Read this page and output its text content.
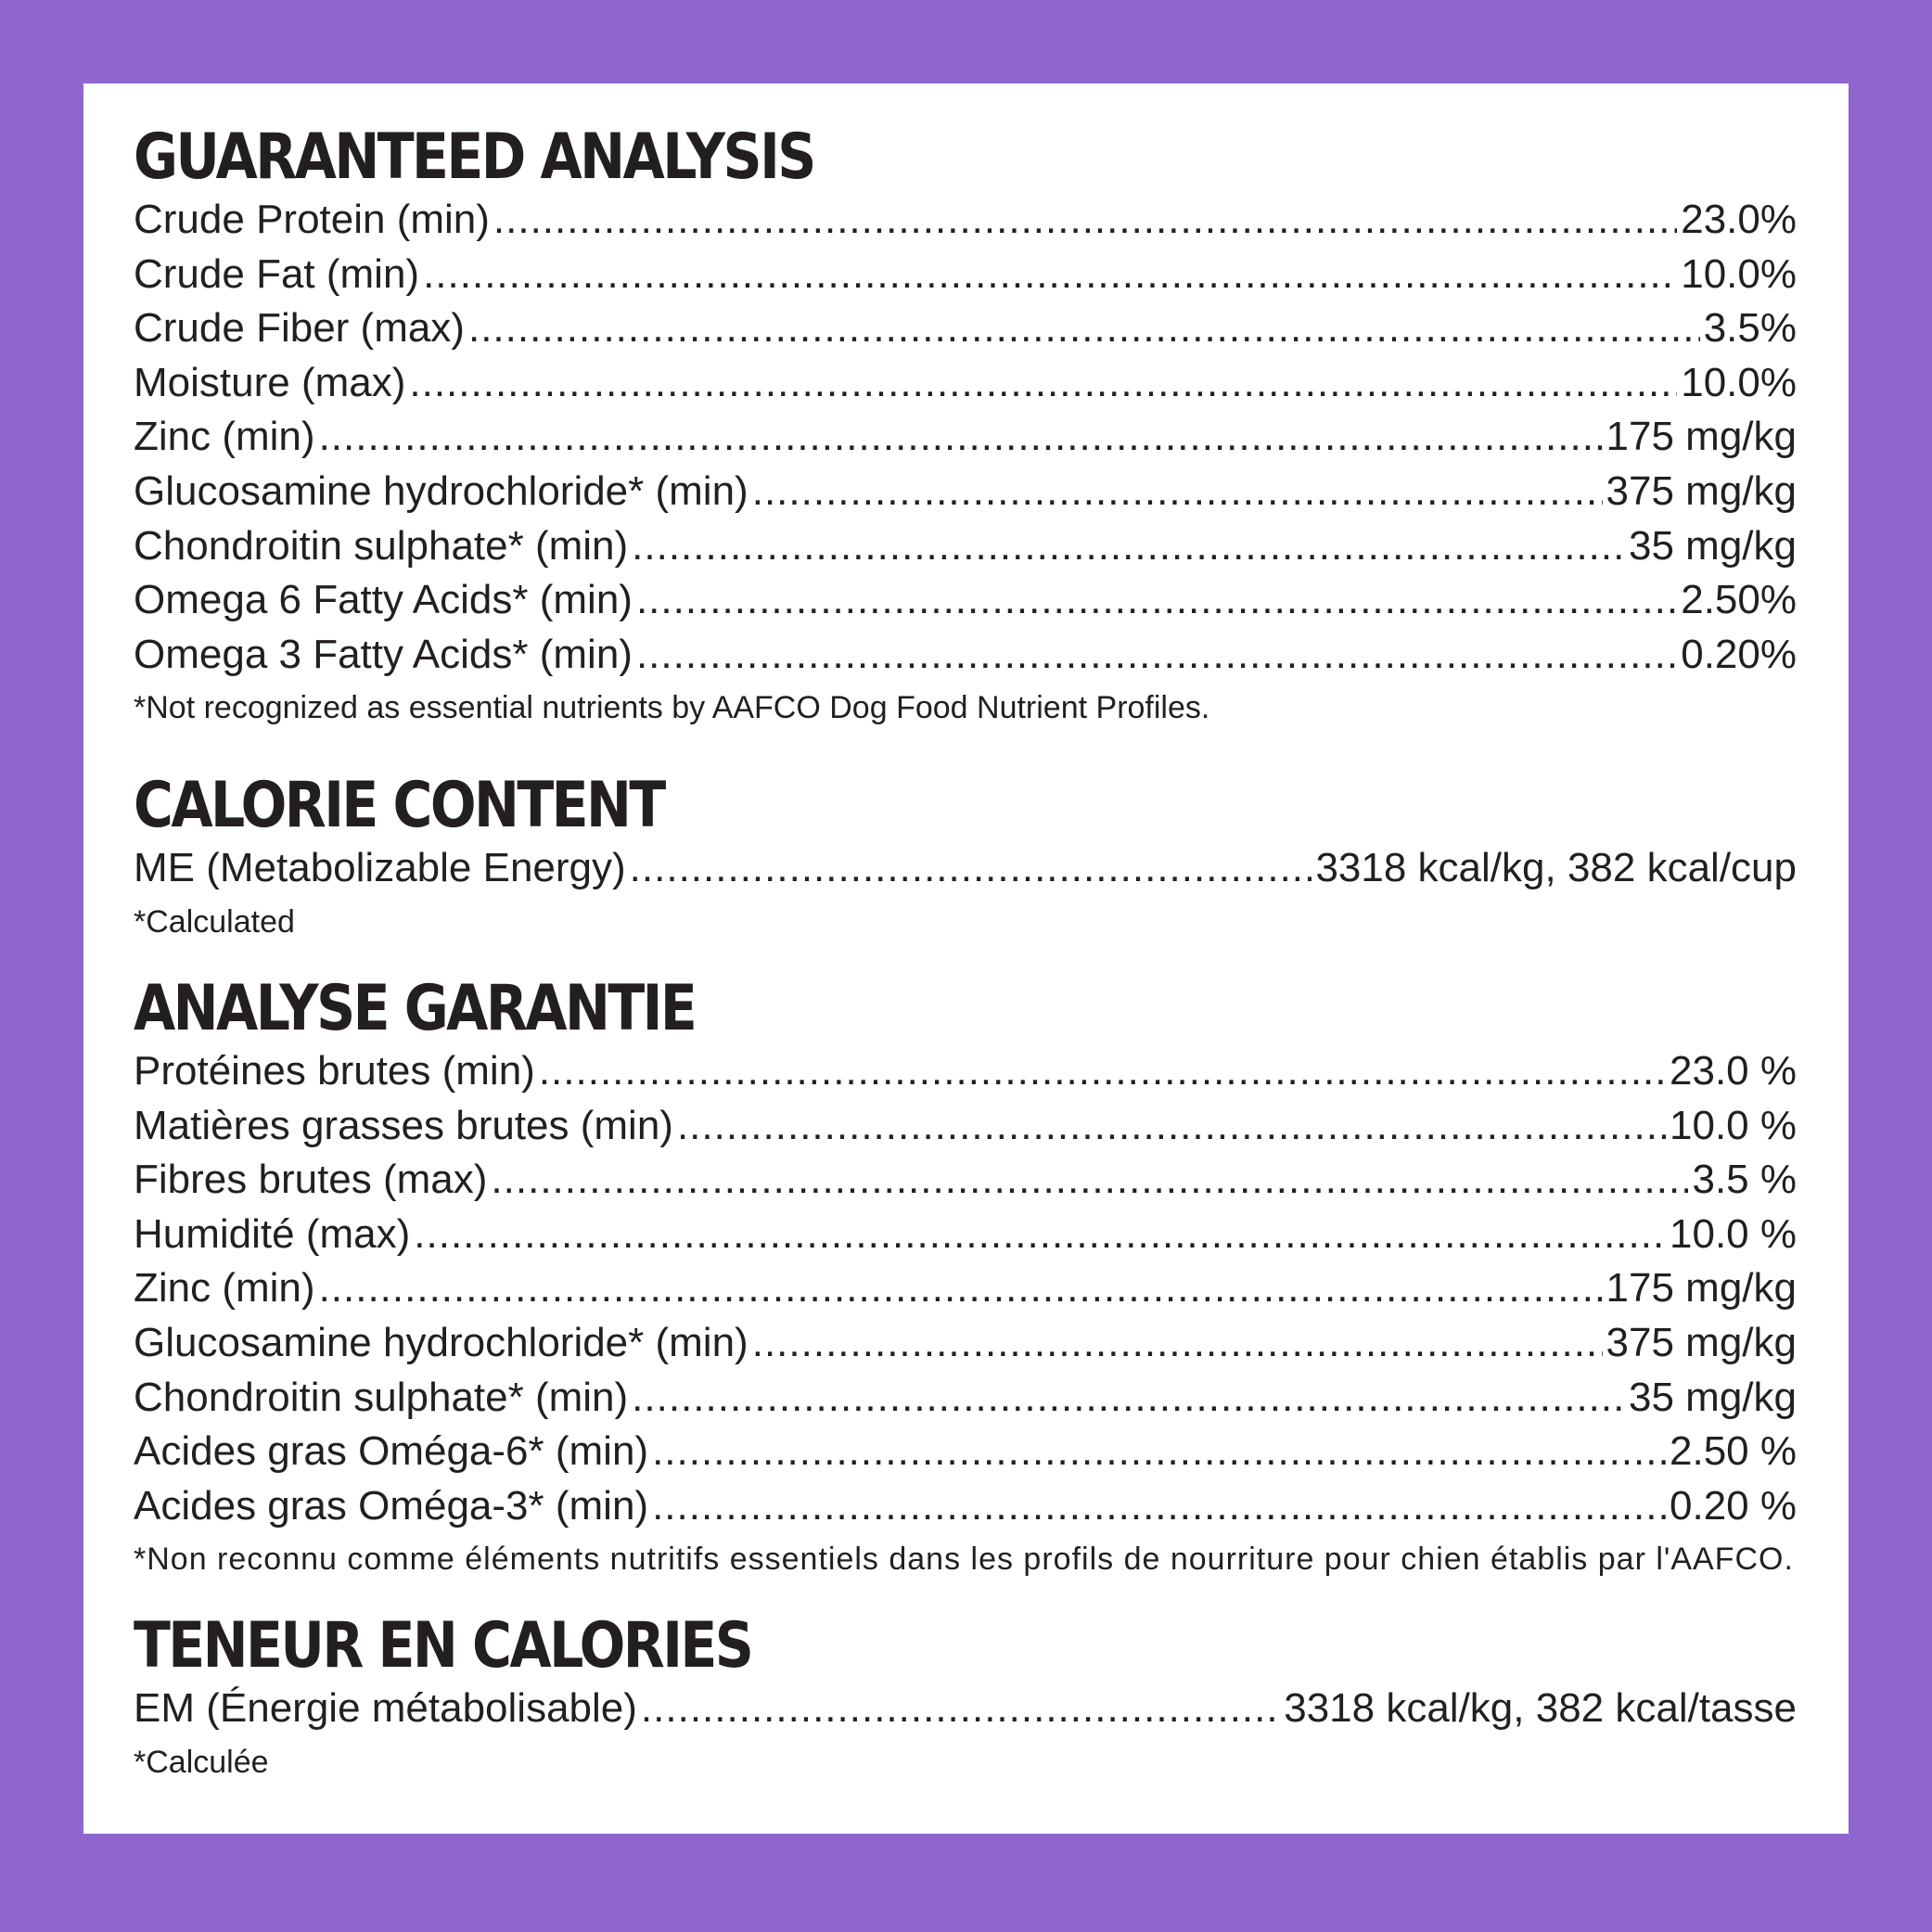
GUARANTEED ANALYSIS
Crude Protein (min) .....	23.0%
Crude Fat (min) .....	10.0%
Crude Fiber (max) .....	3.5%
Moisture (max) .....	10.0%
Zinc (min) .....	175 mg/kg
Glucosamine hydrochloride* (min) .....	375 mg/kg
Chondroitin sulphate* (min) .....	35 mg/kg
Omega 6 Fatty Acids* (min) .....	2.50%
Omega 3 Fatty Acids* (min) .....	0.20%

*Not recognized as essential nutrients by AAFCO Dog Food Nutrient Profiles.

CALORIE CONTENT
ME (Metabolizable Energy) .....	3318 kcal/kg, 382 kcal/cup

*Calculated

ANALYSE GARANTIE
Protéines brutes (min) .....	23.0 %
Matières grasses brutes (min) .....	10.0 %
Fibres brutes (max) .....	3.5 %
Humidité (max) .....	10.0 %
Zinc (min) .....	175 mg/kg
Glucosamine hydrochloride* (min) .....	375 mg/kg
Chondroitin sulphate* (min) .....	35 mg/kg
Acides gras Oméga-6* (min) .....	2.50 %
Acides gras Oméga-3* (min) .....	0.20 %

*Non reconnu comme éléments nutritifs essentiels dans les profils de nourriture pour chien établis par l'AAFCO.

TENEUR EN CALORIES
EM (Énergie métabolisable) .....	3318 kcal/kg, 382 kcal/tasse

*Calculée
